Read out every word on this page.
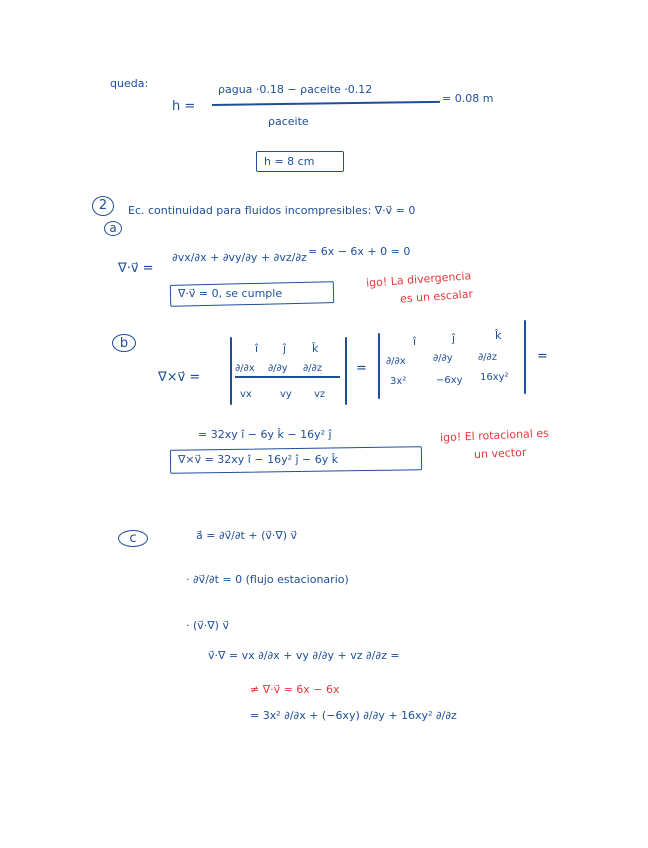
queda:
h =
ρagua ·0.18 − ρaceite ·0.12
ρaceite
= 0.08 m
h = 8 cm
2
a
Ec. continuidad para fluidos incompresibles: ∇·v⃗ = 0
∇·v⃗ =
∂vx/∂x + ∂vy/∂y + ∂vz/∂z = 6x − 6x + 0 = 0
∇·v⃗ = 0, se cumple
igo! La divergencia
es un escalar
b
∇×v⃗ =
î ĵ k̂
∂/∂x ∂/∂y ∂/∂z
vx	vy vz
=
î	ĵ	k̂
∂/∂x	∂/∂y	∂/∂z
3x²	−6xy 16xy²
=
= 32xy î − 6y k̂ − 16y² ĵ
∇×v⃗ = 32xy î − 16y² ĵ − 6y k̂
igo! El rotacional es
un vector
c	a⃗ = ∂v⃗/∂t + (v⃗·∇) v⃗
· ∂v⃗/∂t = 0 (flujo estacionario)
· (v⃗·∇) v⃗
v⃗·∇ = vx ∂/∂x + vy ∂/∂y + vz ∂/∂z =
≠ ∇·v⃗ = 6x − 6x
= 3x² ∂/∂x + (−6xy) ∂/∂y + 16xy² ∂/∂z
